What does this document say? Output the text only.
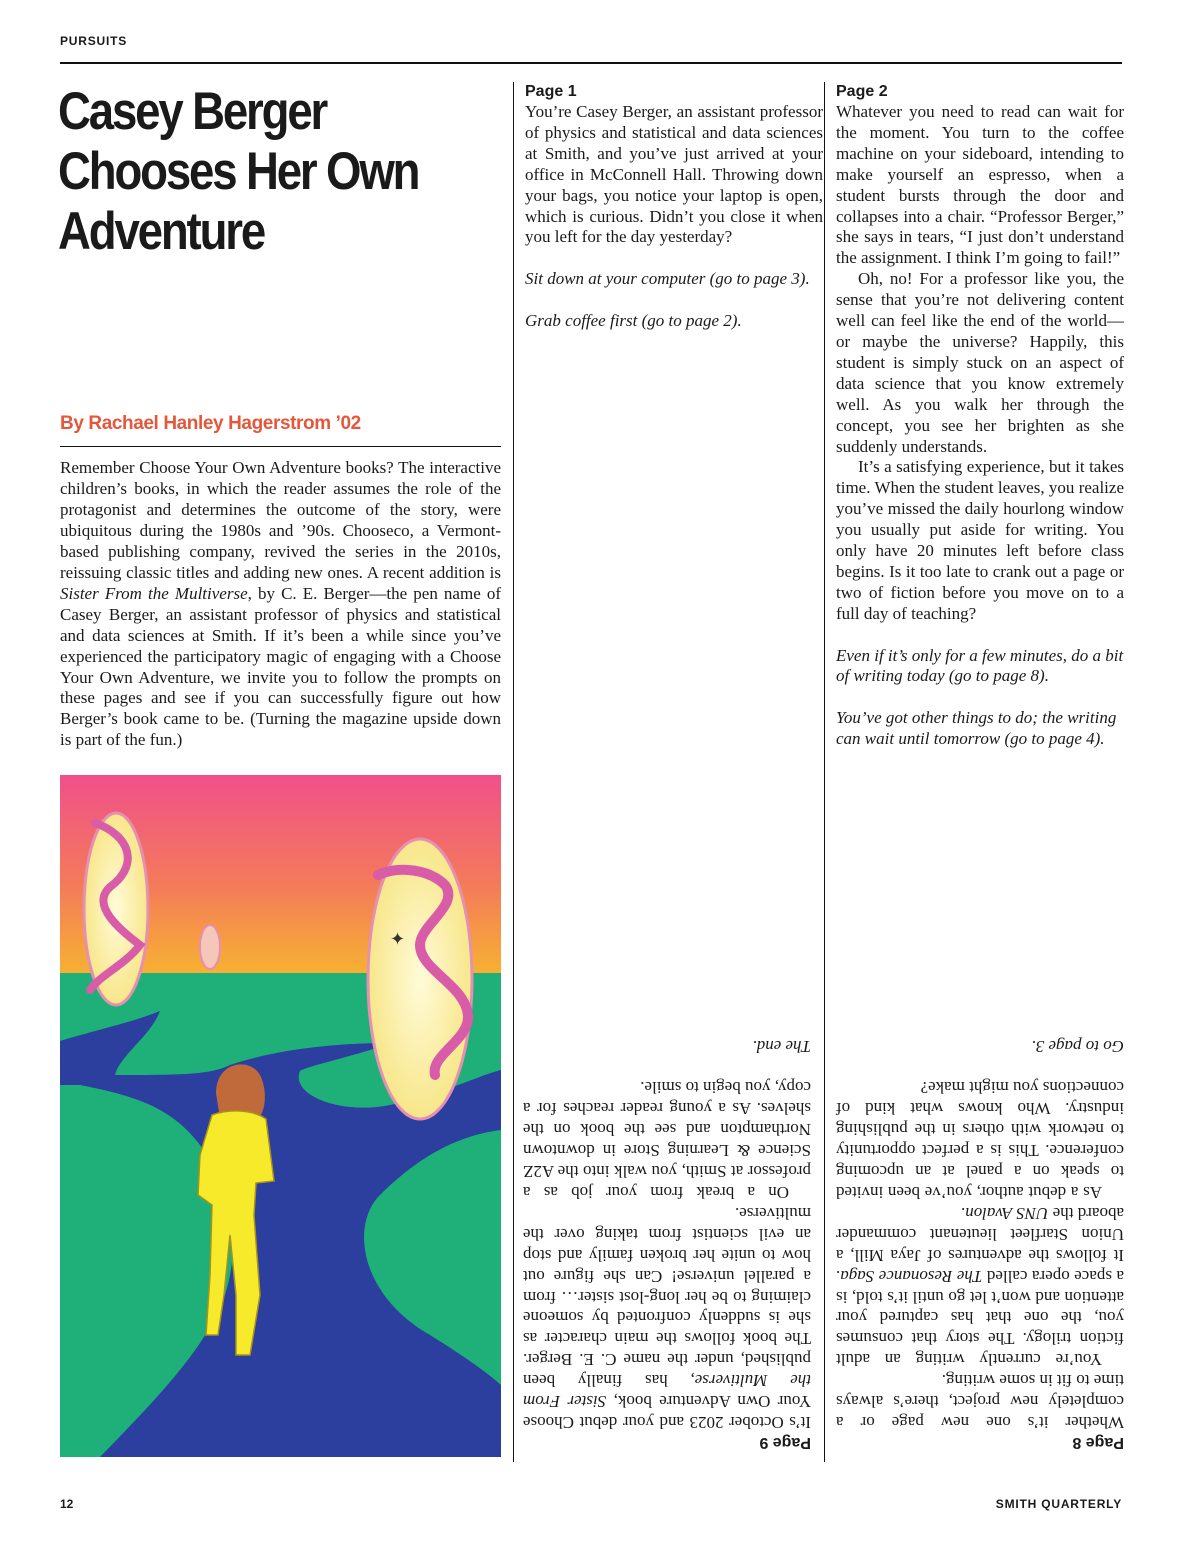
PURSUITS
Casey Berger Chooses Her Own Adventure
By Rachael Hanley Hagerstrom ’02

Remember Choose Your Own Adventure books? The interactive children’s books, in which the reader assumes the role of the protagonist and determines the outcome of the story, were ubiquitous during the 1980s and ’90s. Chooseco, a Vermont-based publishing company, revived the series in the 2010s, reissuing classic titles and adding new ones. A recent addition is Sister From the Multiverse, by C. E. Berger—the pen name of Casey Berger, an assistant professor of physics and statistical and data sciences at Smith. If it’s been a while since you’ve experienced the participatory magic of engaging with a Choose Your Own Adventure, we invite you to follow the prompts on these pages and see if you can successfully figure out how Berger’s book came to be. (Turning the magazine upside down is part of the fun.)

Page 1

You’re Casey Berger, an assistant professor of physics and statistical and data sciences at Smith, and you’ve just arrived at your office in McConnell Hall. Throwing down your bags, you notice your laptop is open, which is curious. Didn’t you close it when you left for the day yesterday?

Sit down at your computer (go to page 3).

Grab coffee first (go to page 2).

Page 2

Whatever you need to read can wait for the moment. You turn to the coffee machine on your sideboard, intending to make yourself an espresso, when a student bursts through the door and collapses into a chair. “Professor Berger,” she says in tears, “I just don’t understand the assignment. I think I’m going to fail!”

Oh, no! For a professor like you, the sense that you’re not delivering content well can feel like the end of the world—or maybe the universe? Happily, this student is simply stuck on an aspect of data science that you know extremely well. As you walk her through the concept, you see her brighten as she suddenly understands.

It’s a satisfying experience, but it takes time. When the student leaves, you realize you’ve missed the daily hourlong window you usually put aside for writing. You only have 20 minutes left before class begins. Is it too late to crank out a page or two of fiction before you move on to a full day of teaching?

Even if it’s only for a few minutes, do a bit of writing today (go to page 8).

You’ve got other things to do; the writing can wait until tomorrow (go to page 4).

Page 9

It’s October 2023 and your debut Choose Your Own Adventure book, Sister From the Multiverse, has finally been published, under the name C. E. Berger. The book follows the main character as she is suddenly confronted by someone claiming to be her long-lost sister… from a parallel universe! Can she figure out how to unite her broken family and stop an evil scientist from taking over the multiverse.

On a break from your job as a professor at Smith, you walk into the A2Z Science & Learning Store in downtown Northampton and see the book on the shelves. As a young reader reaches for a copy, you begin to smile.

The end.

Page 8

Whether it’s one new page or a completely new project, there’s always time to fit in some writing.

You’re currently writing an adult fiction trilogy. The story that consumes you, the one that has captured your attention and won’t let go until it’s told, is a space opera called The Resonance Saga. It follows the adventures of Jaya Mill, a Union Starfleet lieutenant commander aboard the UNS Avalon.

As a debut author, you’ve been invited to speak on a panel at an upcoming conference. This is a perfect opportunity to network with others in the publishing industry. Who knows what kind of connections you might make?

Go to page 3.

✦
12	SMITH QUARTERLY
